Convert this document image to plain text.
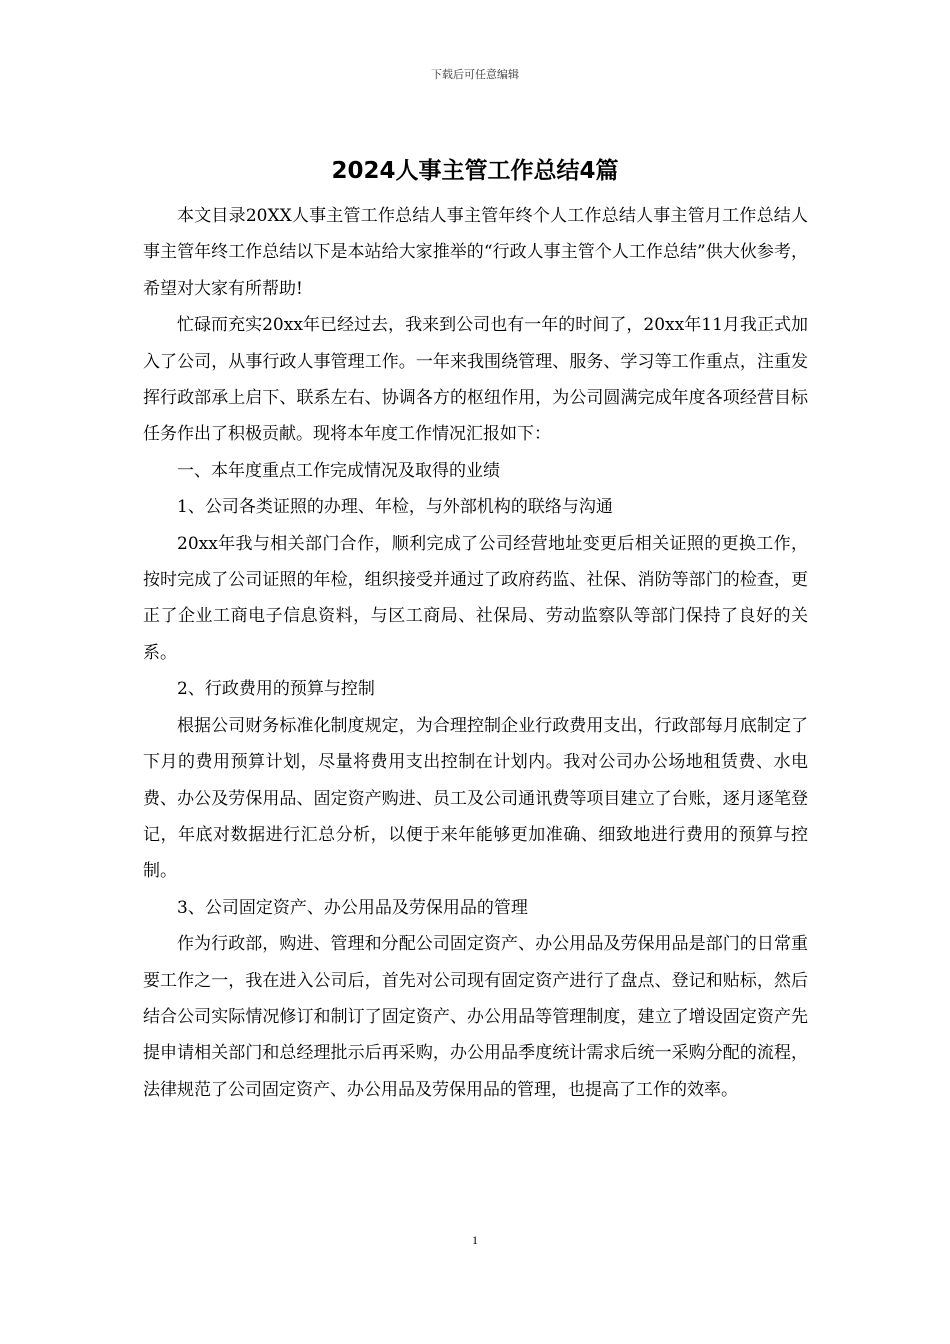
下载后可任意编辑
2024人事主管工作总结4篇

本文目录20XX人事主管工作总结人事主管年终个人工作总结人事主管月工作总结人事主管年终工作总结以下是本站给大家推举的“行政人事主管个人工作总结”供大伙参考，希望对大家有所帮助!

忙碌而充实20xx年已经过去，我来到公司也有一年的时间了，20xx年11月我正式加入了公司，从事行政人事管理工作。一年来我围绕管理、服务、学习等工作重点，注重发挥行政部承上启下、联系左右、协调各方的枢纽作用，为公司圆满完成年度各项经营目标任务作出了积极贡献。现将本年度工作情况汇报如下：

一、本年度重点工作完成情况及取得的业绩

1、公司各类证照的办理、年检，与外部机构的联络与沟通

20xx年我与相关部门合作，顺利完成了公司经营地址变更后相关证照的更换工作，按时完成了公司证照的年检，组织接受并通过了政府药监、社保、消防等部门的检查，更正了企业工商电子信息资料，与区工商局、社保局、劳动监察队等部门保持了良好的关系。

2、行政费用的预算与控制

根据公司财务标准化制度规定，为合理控制企业行政费用支出，行政部每月底制定了下月的费用预算计划，尽量将费用支出控制在计划内。我对公司办公场地租赁费、水电费、办公及劳保用品、固定资产购进、员工及公司通讯费等项目建立了台账，逐月逐笔登记，年底对数据进行汇总分析，以便于来年能够更加准确、细致地进行费用的预算与控制。

3、公司固定资产、办公用品及劳保用品的管理

作为行政部，购进、管理和分配公司固定资产、办公用品及劳保用品是部门的日常重要工作之一，我在进入公司后，首先对公司现有固定资产进行了盘点、登记和贴标，然后结合公司实际情况修订和制订了固定资产、办公用品等管理制度，建立了增设固定资产先提申请相关部门和总经理批示后再采购，办公用品季度统计需求后统一采购分配的流程，法律规范了公司固定资产、办公用品及劳保用品的管理，也提高了工作的效率。

1
